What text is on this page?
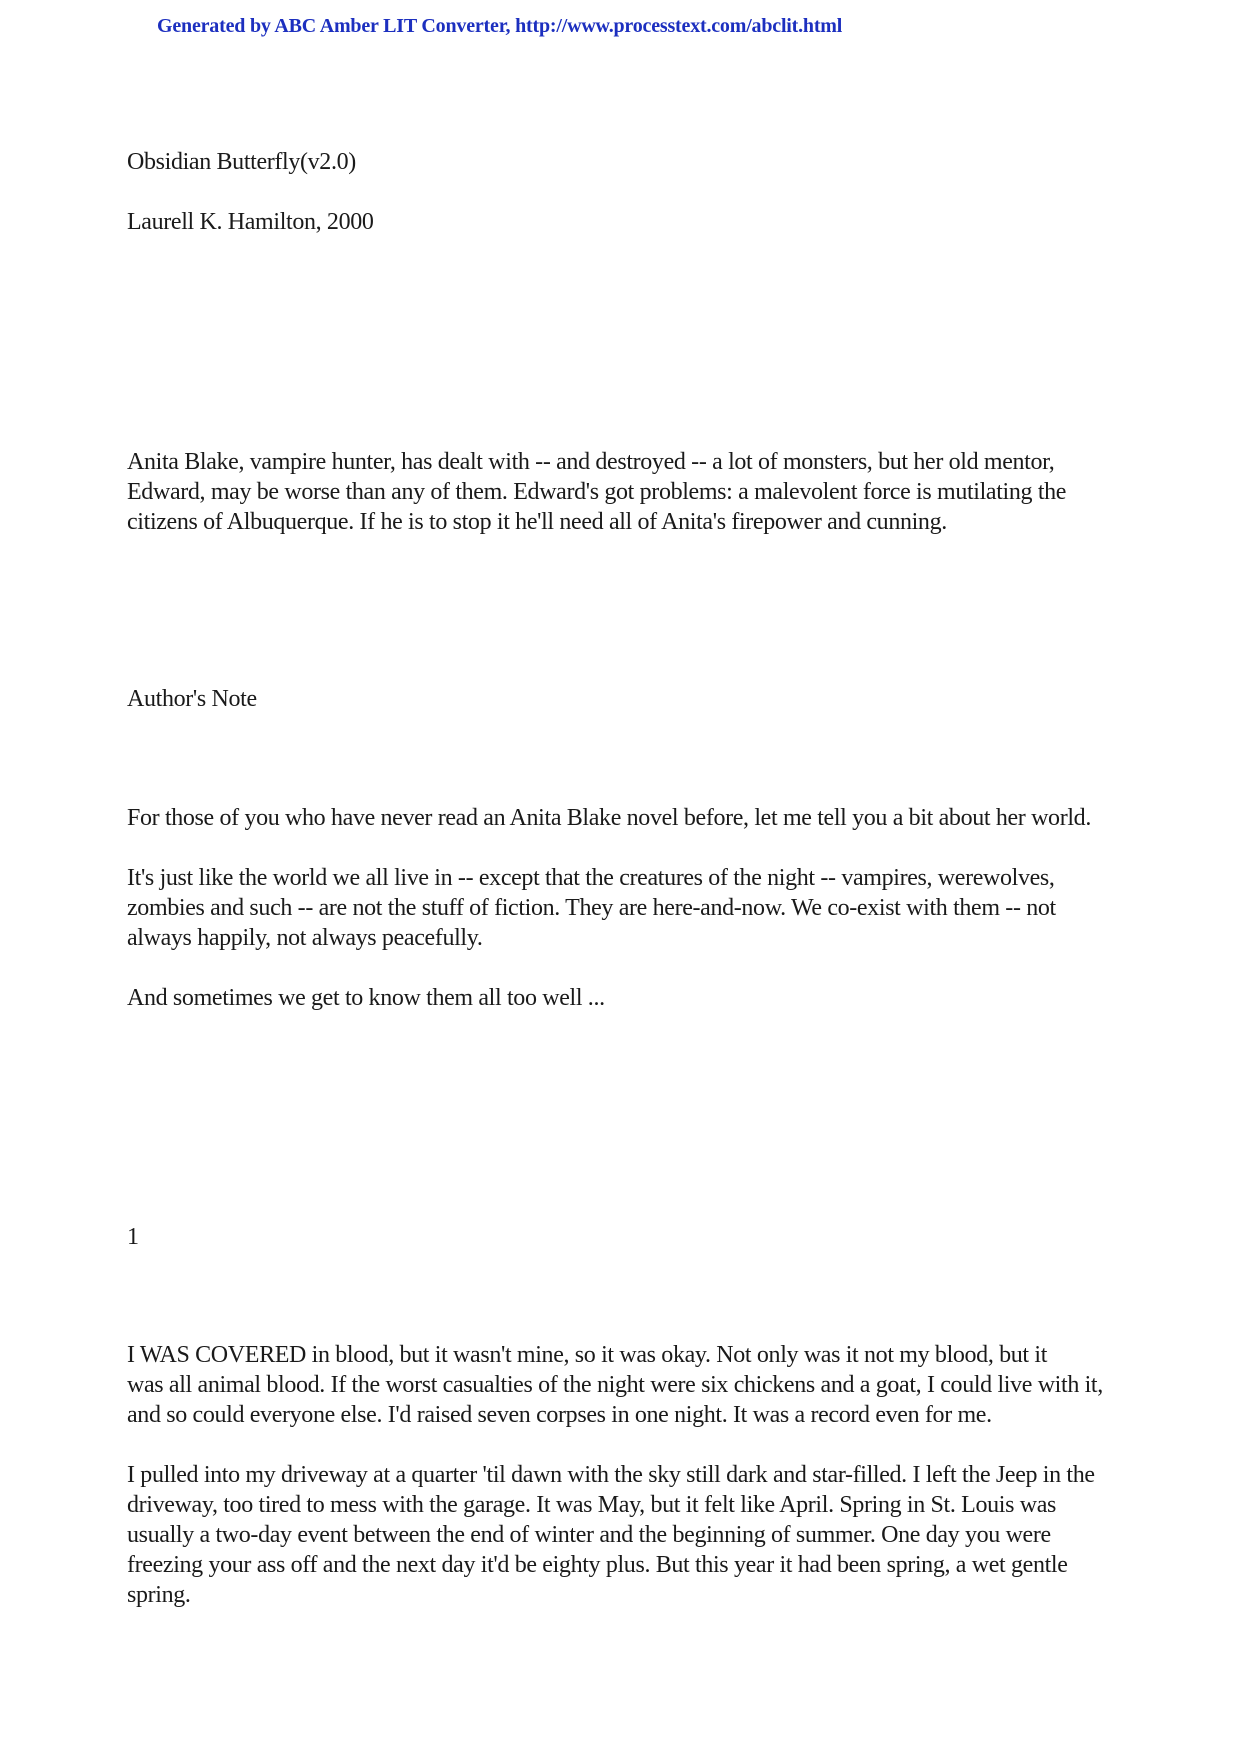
Generated by ABC Amber LIT Converter, http://www.processtext.com/abclit.html
Obsidian Butterfly(v2.0)
Laurell K. Hamilton, 2000
Anita Blake, vampire hunter, has dealt with -- and destroyed -- a lot of monsters, but her old mentor,
Edward, may be worse than any of them. Edward's got problems: a malevolent force is mutilating the
citizens of Albuquerque. If he is to stop it he'll need all of Anita's firepower and cunning.
Author's Note
For those of you who have never read an Anita Blake novel before, let me tell you a bit about her world.
It's just like the world we all live in -- except that the creatures of the night -- vampires, werewolves,
zombies and such -- are not the stuff of fiction. They are here-and-now. We co-exist with them -- not
always happily, not always peacefully.
And sometimes we get to know them all too well ...
1
I WAS COVERED in blood, but it wasn't mine, so it was okay. Not only was it not my blood, but it
was all animal blood. If the worst casualties of the night were six chickens and a goat, I could live with it,
and so could everyone else. I'd raised seven corpses in one night. It was a record even for me.
I pulled into my driveway at a quarter 'til dawn with the sky still dark and star-filled. I left the Jeep in the
driveway, too tired to mess with the garage. It was May, but it felt like April. Spring in St. Louis was
usually a two-day event between the end of winter and the beginning of summer. One day you were
freezing your ass off and the next day it'd be eighty plus. But this year it had been spring, a wet gentle
spring.
